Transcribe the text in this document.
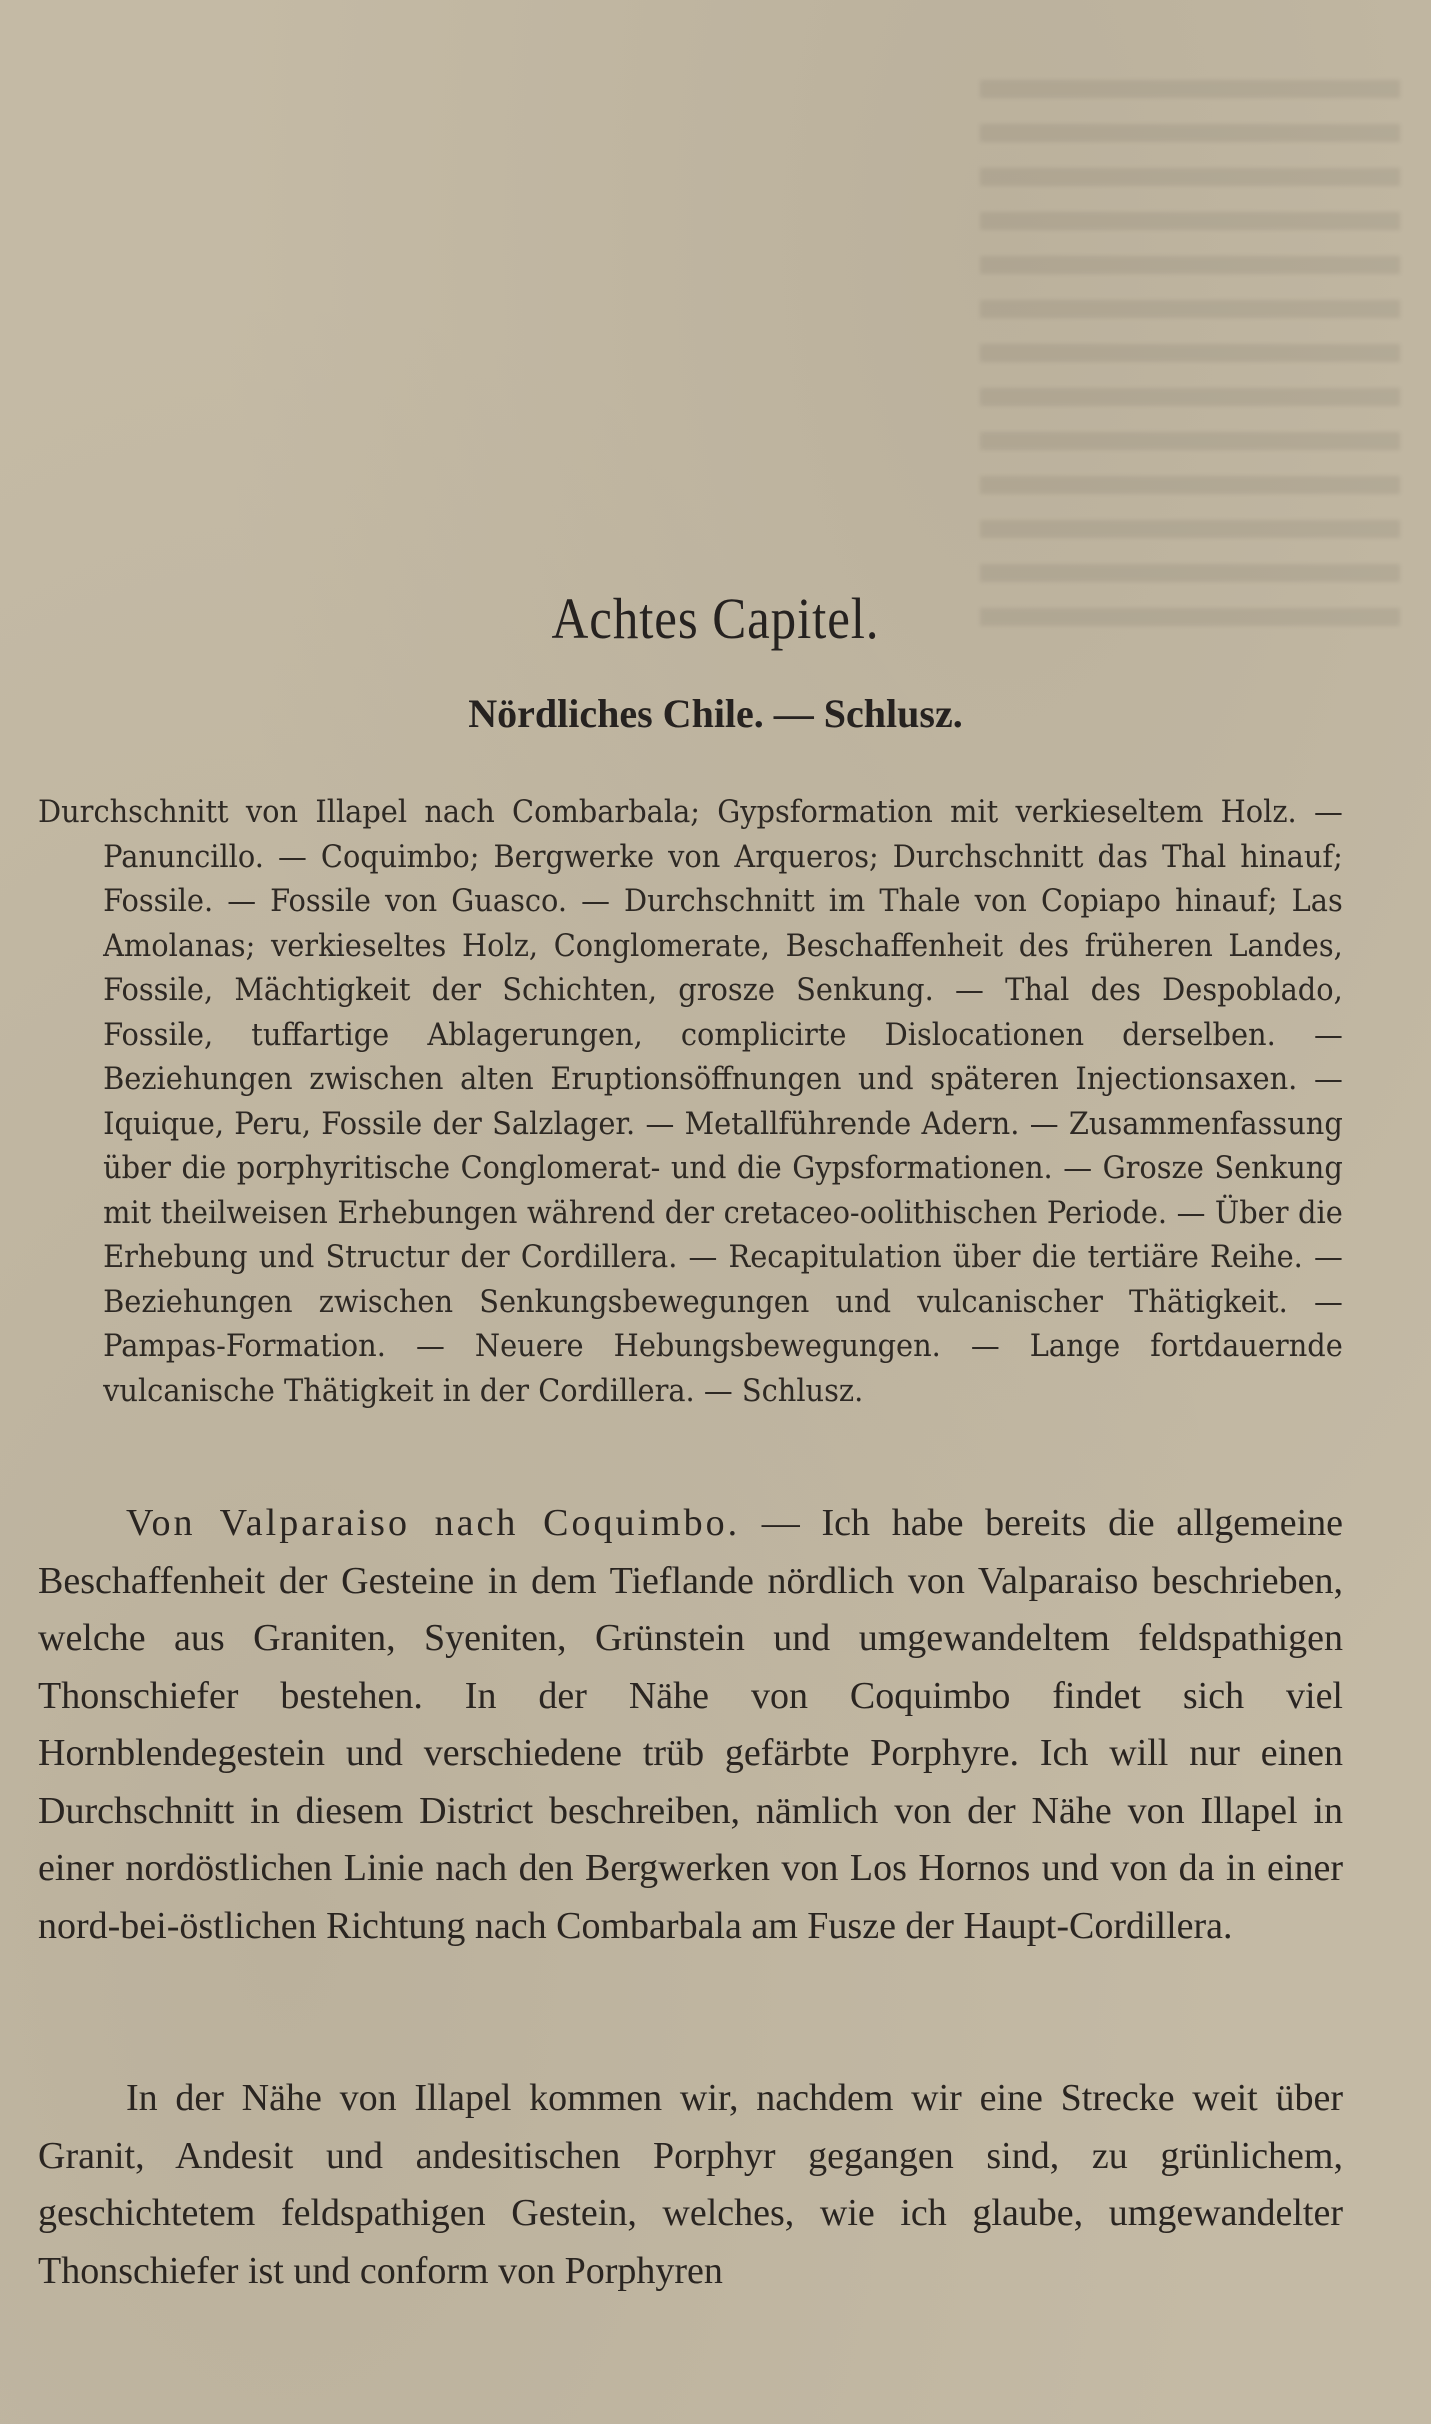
Achtes Capitel.
Nördliches Chile. — Schlusz.

Durchschnitt von Illapel nach Combarbala; Gypsformation mit verkieseltem Holz. — Panuncillo. — Coquimbo; Bergwerke von Arqueros; Durchschnitt das Thal hinauf; Fossile. — Fossile von Guasco. — Durchschnitt im Thale von Copiapo hinauf; Las Amolanas; verkieseltes Holz, Conglomerate, Beschaffenheit des früheren Landes, Fossile, Mächtigkeit der Schichten, grosze Senkung. — Thal des Despoblado, Fossile, tuffartige Ablagerungen, complicirte Dislocationen derselben. — Beziehungen zwischen alten Eruptionsöffnungen und späteren Injectionsaxen. — Iquique, Peru, Fossile der Salzlager. — Metallführende Adern. — Zusammenfassung über die porphyritische Conglomerat- und die Gypsformationen. — Grosze Senkung mit theilweisen Erhebungen während der cretaceo-oolithischen Periode. — Über die Erhebung und Structur der Cordillera. — Recapitulation über die tertiäre Reihe. — Beziehungen zwischen Senkungsbewegungen und vulcanischer Thätigkeit. — Pampas-Formation. — Neuere Hebungsbewegungen. — Lange fortdauernde vulcanische Thätigkeit in der Cordillera. — Schlusz.

Von Valparaiso nach Coquimbo. — Ich habe bereits die allgemeine Beschaffenheit der Gesteine in dem Tieflande nördlich von Valparaiso beschrieben, welche aus Graniten, Syeniten, Grünstein und umgewandeltem feldspathigen Thonschiefer bestehen. In der Nähe von Coquimbo findet sich viel Hornblendegestein und verschiedene trüb gefärbte Porphyre. Ich will nur einen Durchschnitt in diesem District beschreiben, nämlich von der Nähe von Illapel in einer nordöstlichen Linie nach den Bergwerken von Los Hornos und von da in einer nord-bei-östlichen Richtung nach Combarbala am Fusze der Haupt-Cordillera.

In der Nähe von Illapel kommen wir, nachdem wir eine Strecke weit über Granit, Andesit und andesitischen Porphyr gegangen sind, zu grünlichem, geschichtetem feldspathigen Gestein, welches, wie ich glaube, umgewandelter Thonschiefer ist und conform von Porphyren
